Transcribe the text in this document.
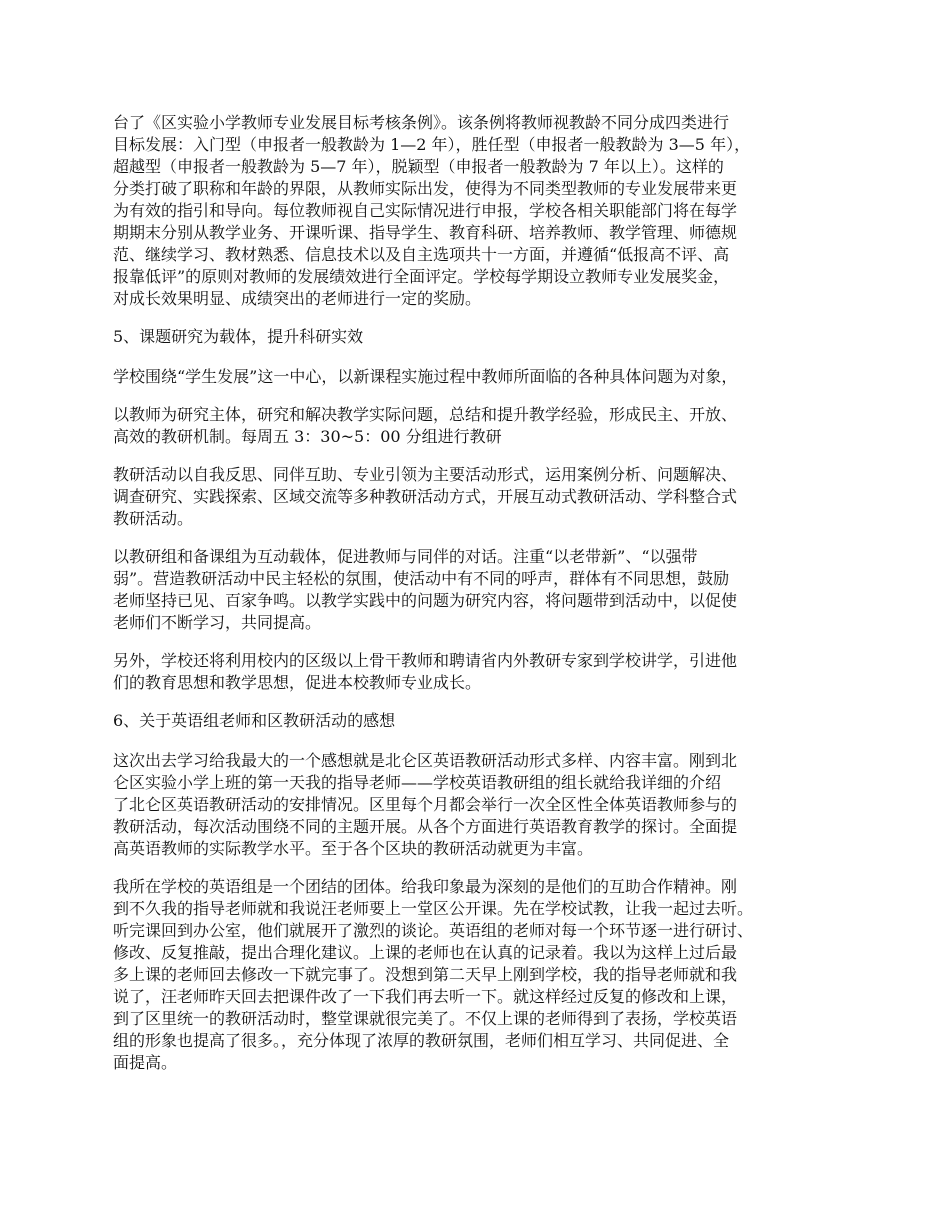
台了《区实验小学教师专业发展目标考核条例》。该条例将教师视教龄不同分成四类进行
目标发展：入门型（申报者一般教龄为 1—2 年），胜任型（申报者一般教龄为 3—5 年），
超越型（申报者一般教龄为 5—7 年），脱颖型（申报者一般教龄为 7 年以上）。这样的
分类打破了职称和年龄的界限，从教师实际出发，使得为不同类型教师的专业发展带来更
为有效的指引和导向。每位教师视自己实际情况进行申报，学校各相关职能部门将在每学
期期末分别从教学业务、开课听课、指导学生、教育科研、培养教师、教学管理、师德规
范、继续学习、教材熟悉、信息技术以及自主选项共十一方面，并遵循“低报高不评、高
报靠低评”的原则对教师的发展绩效进行全面评定。学校每学期设立教师专业发展奖金，
对成长效果明显、成绩突出的老师进行一定的奖励。
5、课题研究为载体，提升科研实效
学校围绕“学生发展”这一中心，以新课程实施过程中教师所面临的各种具体问题为对象，
以教师为研究主体，研究和解决教学实际问题，总结和提升教学经验，形成民主、开放、
高效的教研机制。每周五 3：30~5：00 分组进行教研
教研活动以自我反思、同伴互助、专业引领为主要活动形式，运用案例分析、问题解决、
调查研究、实践探索、区域交流等多种教研活动方式，开展互动式教研活动、学科整合式
教研活动。
以教研组和备课组为互动载体，促进教师与同伴的对话。注重“以老带新”、“以强带
弱”。营造教研活动中民主轻松的氛围，使活动中有不同的呼声，群体有不同思想，鼓励
老师坚持已见、百家争鸣。以教学实践中的问题为研究内容，将问题带到活动中，以促使
老师们不断学习，共同提高。
另外，学校还将利用校内的区级以上骨干教师和聘请省内外教研专家到学校讲学，引进他
们的教育思想和教学思想，促进本校教师专业成长。
6、关于英语组老师和区教研活动的感想
这次出去学习给我最大的一个感想就是北仑区英语教研活动形式多样、内容丰富。刚到北
仑区实验小学上班的第一天我的指导老师——学校英语教研组的组长就给我详细的介绍
了北仑区英语教研活动的安排情况。区里每个月都会举行一次全区性全体英语教师参与的
教研活动，每次活动围绕不同的主题开展。从各个方面进行英语教育教学的探讨。全面提
高英语教师的实际教学水平。至于各个区块的教研活动就更为丰富。
我所在学校的英语组是一个团结的团体。给我印象最为深刻的是他们的互助合作精神。刚
到不久我的指导老师就和我说汪老师要上一堂区公开课。先在学校试教，让我一起过去听。
听完课回到办公室，他们就展开了激烈的谈论。英语组的老师对每一个环节逐一进行研讨、
修改、反复推敲，提出合理化建议。上课的老师也在认真的记录着。我以为这样上过后最
多上课的老师回去修改一下就完事了。没想到第二天早上刚到学校，我的指导老师就和我
说了，汪老师昨天回去把课件改了一下我们再去听一下。就这样经过反复的修改和上课，
到了区里统一的教研活动时，整堂课就很完美了。不仅上课的老师得到了表扬，学校英语
组的形象也提高了很多。，充分体现了浓厚的教研氛围，老师们相互学习、共同促进、全
面提高。
